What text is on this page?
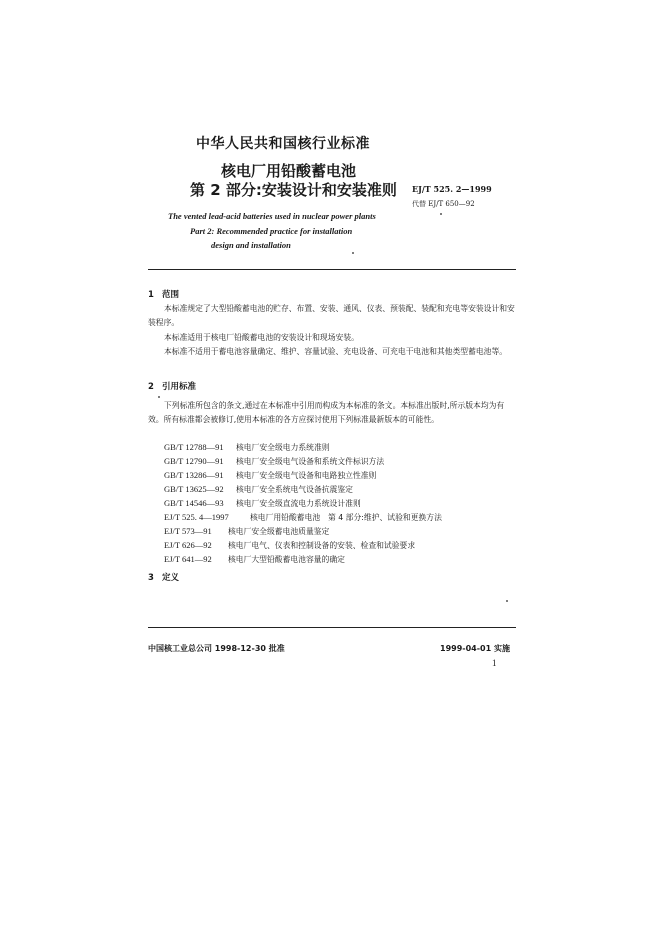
中华人民共和国核行业标准
核电厂用铅酸蓄电池
第 2 部分:安装设计和安装准则 EJ/T 525. 2—1999
代替 EJ/T 650—92
The vented lead-acid batteries used in nuclear power plants
Part 2: Recommended practice for installation
design and installation
1 范围
本标准规定了大型铅酸蓄电池的贮存、布置、安装、通风、仪表、预装配、装配和充电等安装设计和安装程序。
本标准适用于核电厂铅酸蓄电池的安装设计和现场安装。
本标准不适用于蓄电池容量确定、维护、容量试验、充电设备、可充电干电池和其他类型蓄电池等。
2 引用标准
下列标准所包含的条文,通过在本标准中引用而构成为本标准的条文。本标准出版时,所示版本均为有效。所有标准都会被修订,使用本标准的各方应探讨使用下列标准最新版本的可能性。
GB/T 12788—91 核电厂安全级电力系统准则
GB/T 12790—91 核电厂安全级电气设备和系统文件标识方法
GB/T 13286—91 核电厂安全级电气设备和电路独立性准则
GB/T 13625—92 核电厂安全系统电气设备抗震鉴定
GB/T 14546—93 核电厂安全级直流电力系统设计准则
EJ/T 525. 4—1997	核电厂用铅酸蓄电池　第 4 部分:维护、试验和更换方法
EJ/T 573—91 核电厂安全级蓄电池质量鉴定
EJ/T 626—92 核电厂电气、仪表和控制设备的安装、检查和试验要求
EJ/T 641—92 核电厂大型铅酸蓄电池容量的确定
3 定义
中国核工业总公司 1998-12-30 批准	1999-04-01 实施
1
